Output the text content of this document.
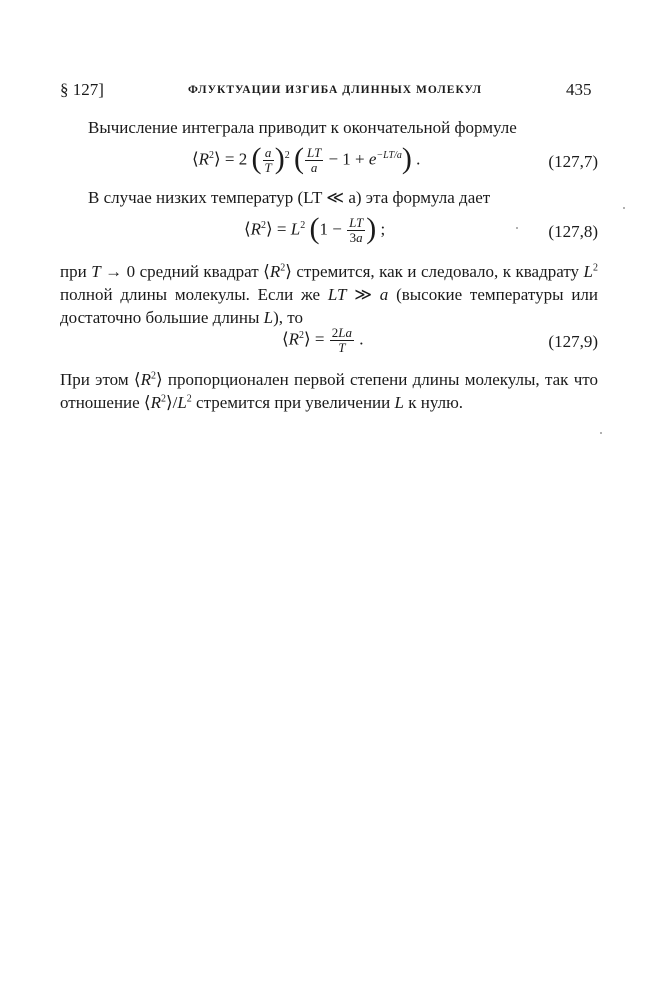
§ 127]	ФЛУКТУАЦИИ ИЗГИБА ДЛИННЫХ МОЛЕКУЛ	435
Вычисление интеграла приводит к окончательной формуле
$⟨R^2⟩ = 2$ ( $\frac{a}{T} )^2$ ( $\frac{LT}{a} - 1 + e^{-LT/a}$) .	(127,7)
В случае низких температур (LT ≪ a) эта формула дает
$⟨R^2⟩ = L^2$ ($1 - \frac{LT}{3a}$ ) ;	(127,8)
при T → 0 средний квадрат $⟨R^2⟩$ стремится, как и следовало, к квадрату $L^2$ полной длины молекулы. Если же LT ≫ a (высокие температуры или достаточно большие длины L), то
$⟨R^2⟩ = \frac{2La}{T}$ .	(127,9)
При этом $⟨R^2⟩$ пропорционален первой степени длины молекулы, так что отношение $⟨R^2⟩/L^2$ стремится при увеличении L к нулю.
